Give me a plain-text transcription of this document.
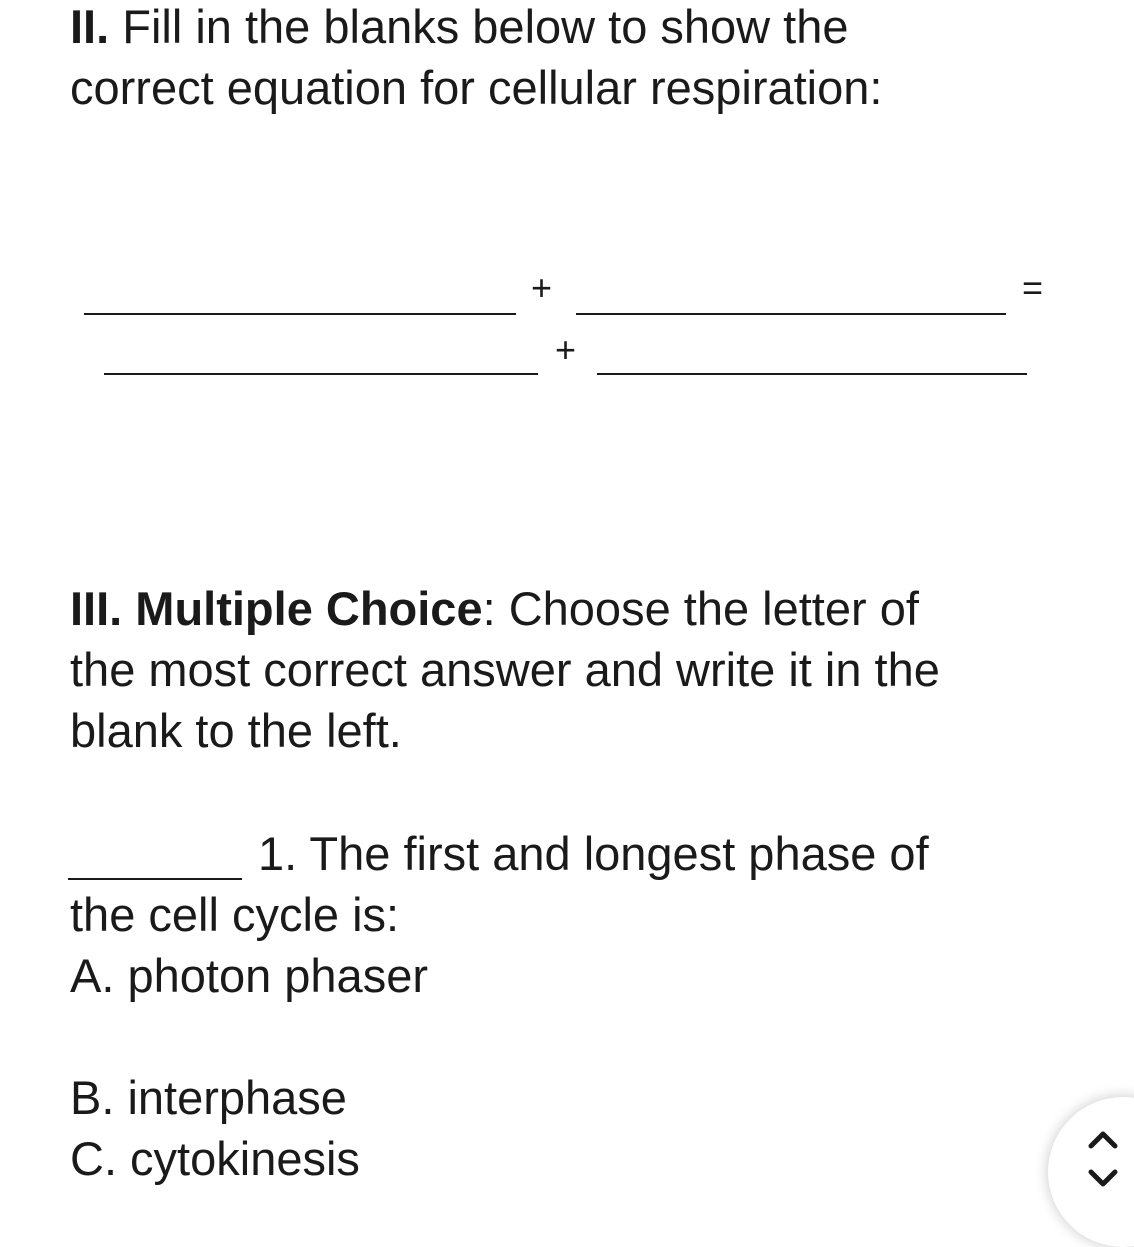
II. Fill in the blanks below to show the
correct equation for cellular respiration:

+	=
+

III. Multiple Choice: Choose the letter of
the most correct answer and write it in the
blank to the left.

1. The first and longest phase of

the cell cycle is:

A. photon phaser

B. interphase

C. cytokinesis
